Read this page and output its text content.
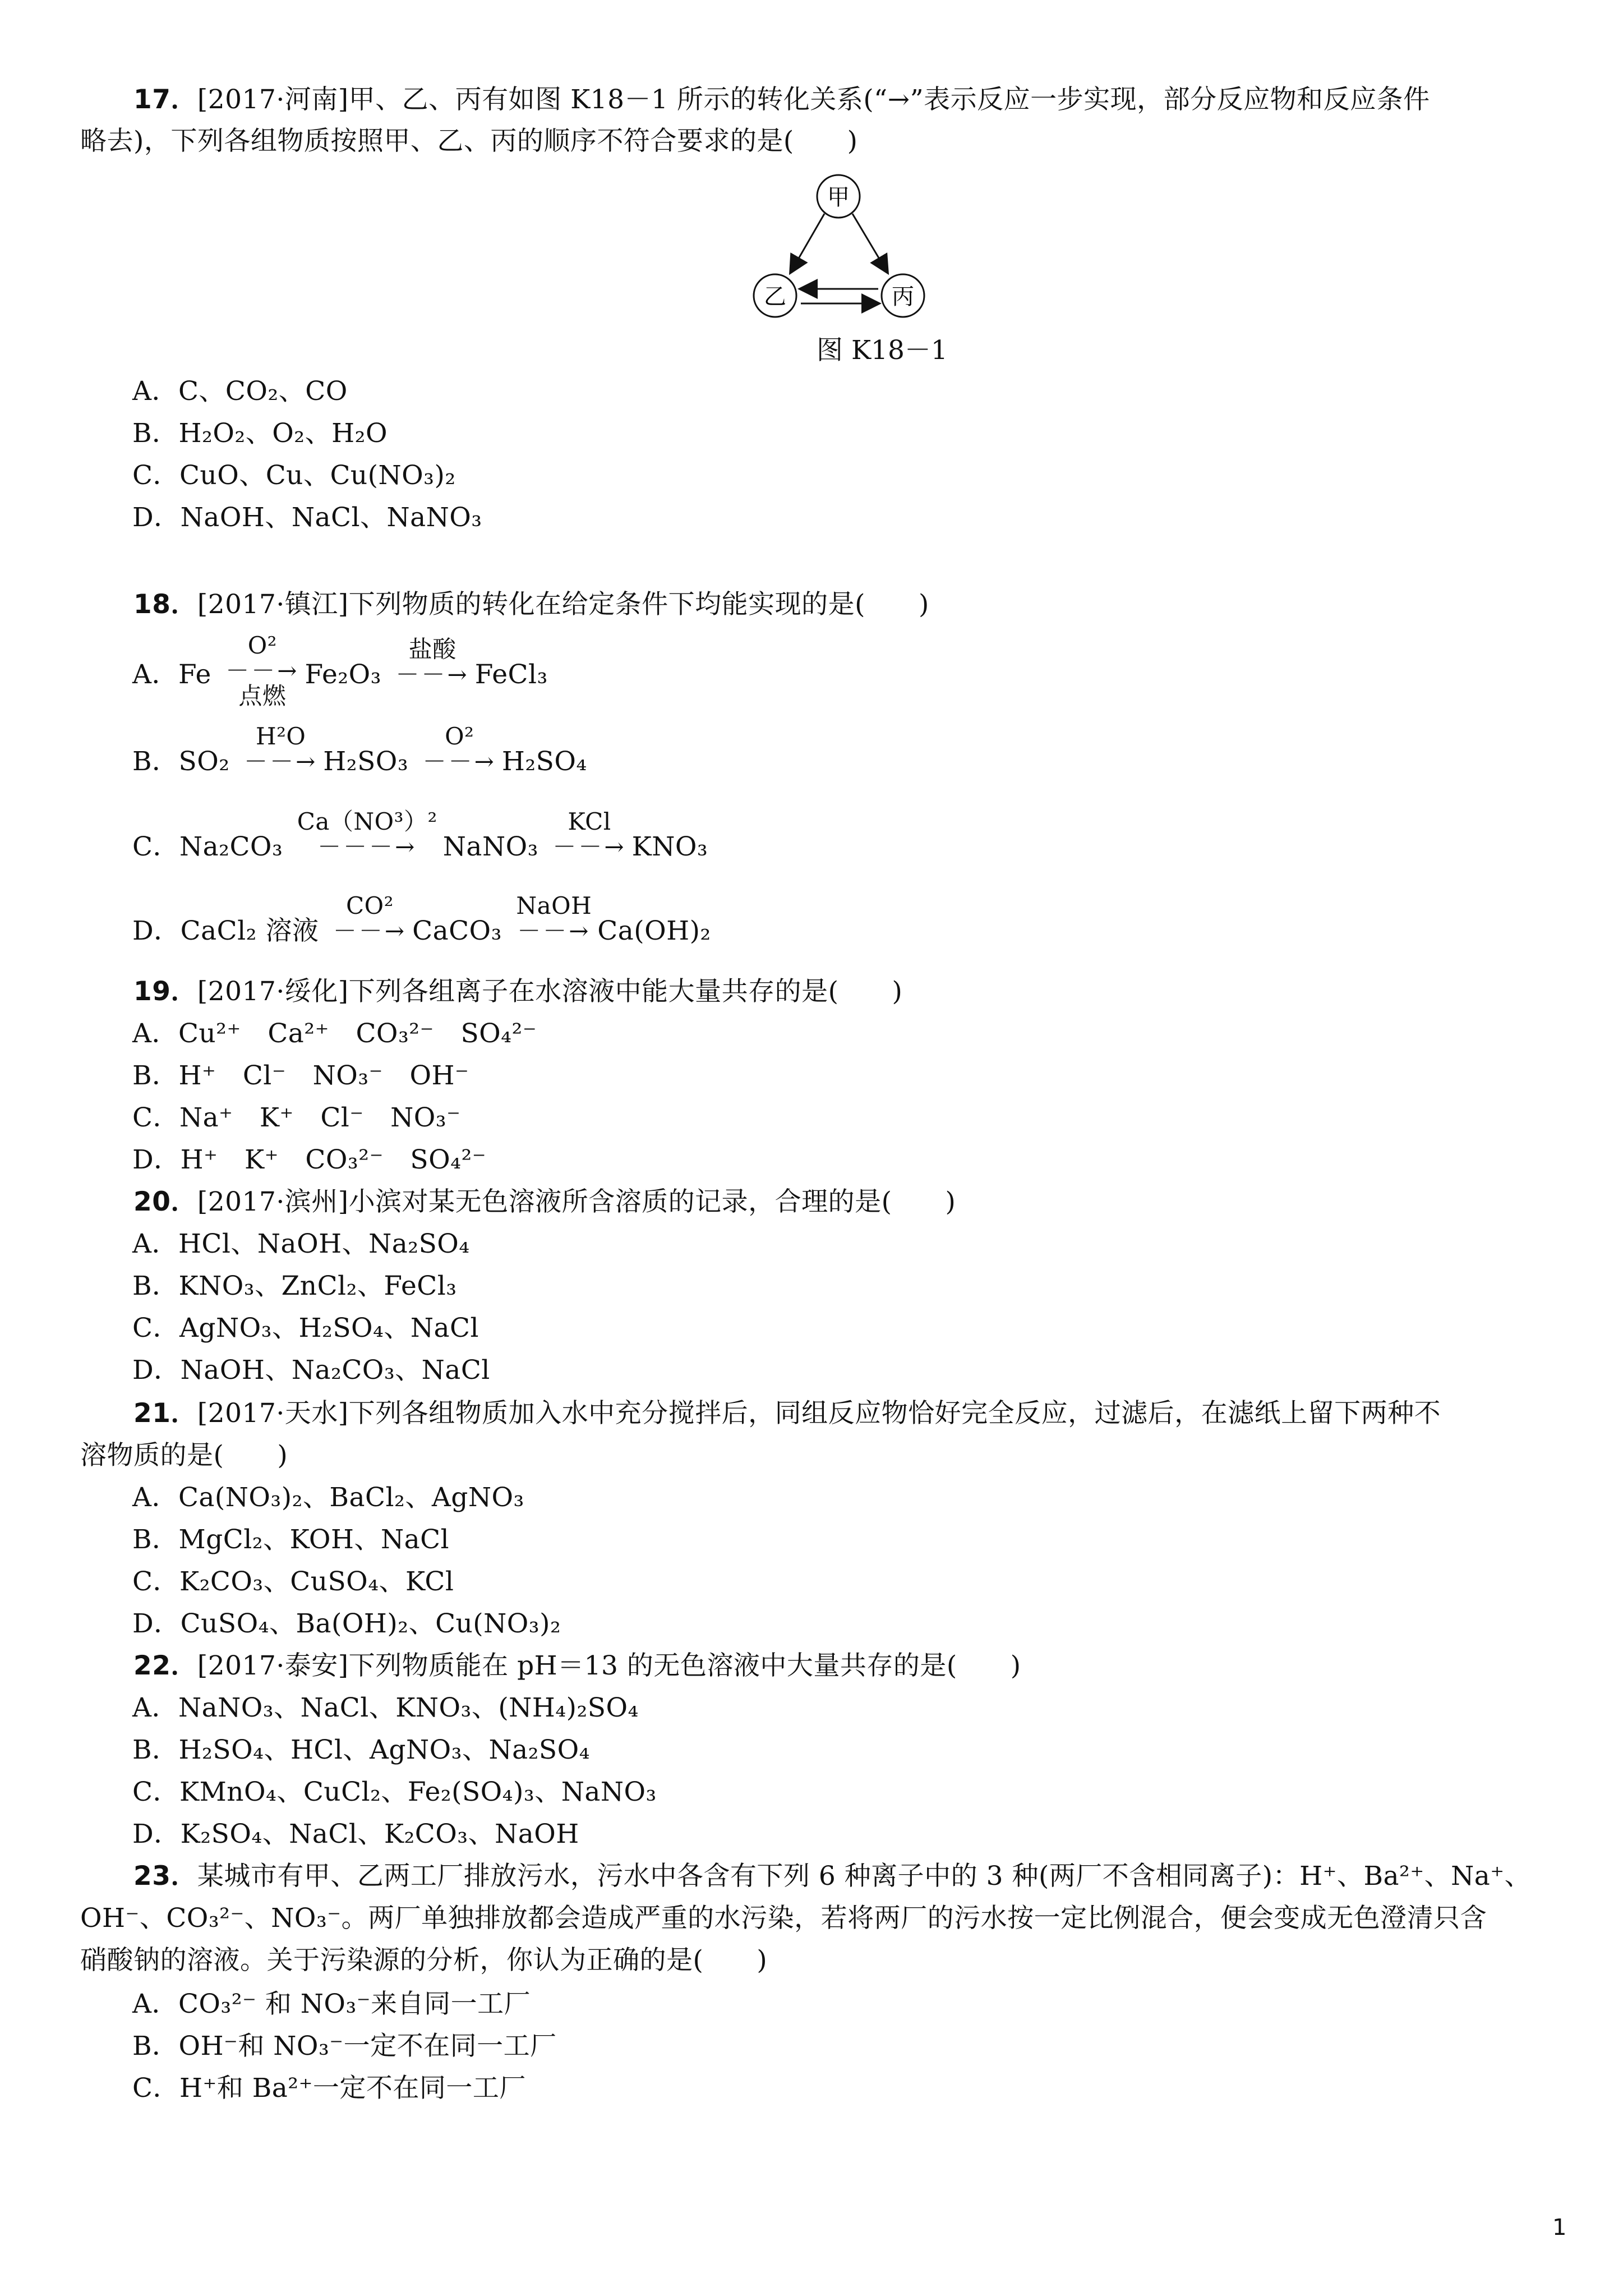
17．[2017·河南]甲、乙、丙有如图 K18－1 所示的转化关系(“→”表示反应一步实现，部分反应物和反应条件
略去)，下列各组物质按照甲、乙、丙的顺序不符合要求的是(　　)
甲
乙	丙
图 K18－1
A．C、CO₂、CO
B．H₂O₂、O₂、H₂O
C．CuO、Cu、Cu(NO₃)₂
D．NaOH、NaCl、NaNO₃
18．[2017·镇江]下列物质的转化在给定条件下均能实现的是(　　)
A．Fe
O²
－－→
点燃
Fe₂O₃
盐酸
－－→ FeCl₃
B．SO₂
H²O
－－→ H₂SO₃
O²
－－→ H₂SO₄
C．Na₂CO₃
Ca（NO³）²
－－－→ NaNO₃
KCl
－－→ KNO₃
D．CaCl₂ 溶液
CO²
－－→ CaCO₃
NaOH
－－→ Ca(OH)₂
19．[2017·绥化]下列各组离子在水溶液中能大量共存的是(　　)
A．Cu²⁺　Ca²⁺　CO₃²⁻　SO₄²⁻
B．H⁺　Cl⁻　NO₃⁻　OH⁻
C．Na⁺　K⁺　Cl⁻　NO₃⁻
D．H⁺　K⁺　CO₃²⁻　SO₄²⁻
20．[2017·滨州]小滨对某无色溶液所含溶质的记录，合理的是(　　)
A．HCl、NaOH、Na₂SO₄
B．KNO₃、ZnCl₂、FeCl₃
C．AgNO₃、H₂SO₄、NaCl
D．NaOH、Na₂CO₃、NaCl
21．[2017·天水]下列各组物质加入水中充分搅拌后，同组反应物恰好完全反应，过滤后，在滤纸上留下两种不
溶物质的是(　　)
A．Ca(NO₃)₂、BaCl₂、AgNO₃
B．MgCl₂、KOH、NaCl
C．K₂CO₃、CuSO₄、KCl
D．CuSO₄、Ba(OH)₂、Cu(NO₃)₂
22．[2017·泰安]下列物质能在 pH＝13 的无色溶液中大量共存的是(　　)
A．NaNO₃、NaCl、KNO₃、(NH₄)₂SO₄
B．H₂SO₄、HCl、AgNO₃、Na₂SO₄
C．KMnO₄、CuCl₂、Fe₂(SO₄)₃、NaNO₃
D．K₂SO₄、NaCl、K₂CO₃、NaOH
23．某城市有甲、乙两工厂排放污水，污水中各含有下列 6 种离子中的 3 种(两厂不含相同离子)：H⁺、Ba²⁺、Na⁺、
OH⁻、CO₃²⁻、NO₃⁻。两厂单独排放都会造成严重的水污染，若将两厂的污水按一定比例混合，便会变成无色澄清只含
硝酸钠的溶液。关于污染源的分析，你认为正确的是(　　)
A．CO₃²⁻ 和 NO₃⁻来自同一工厂
B．OH⁻和 NO₃⁻一定不在同一工厂
C．H⁺和 Ba²⁺一定不在同一工厂
1
